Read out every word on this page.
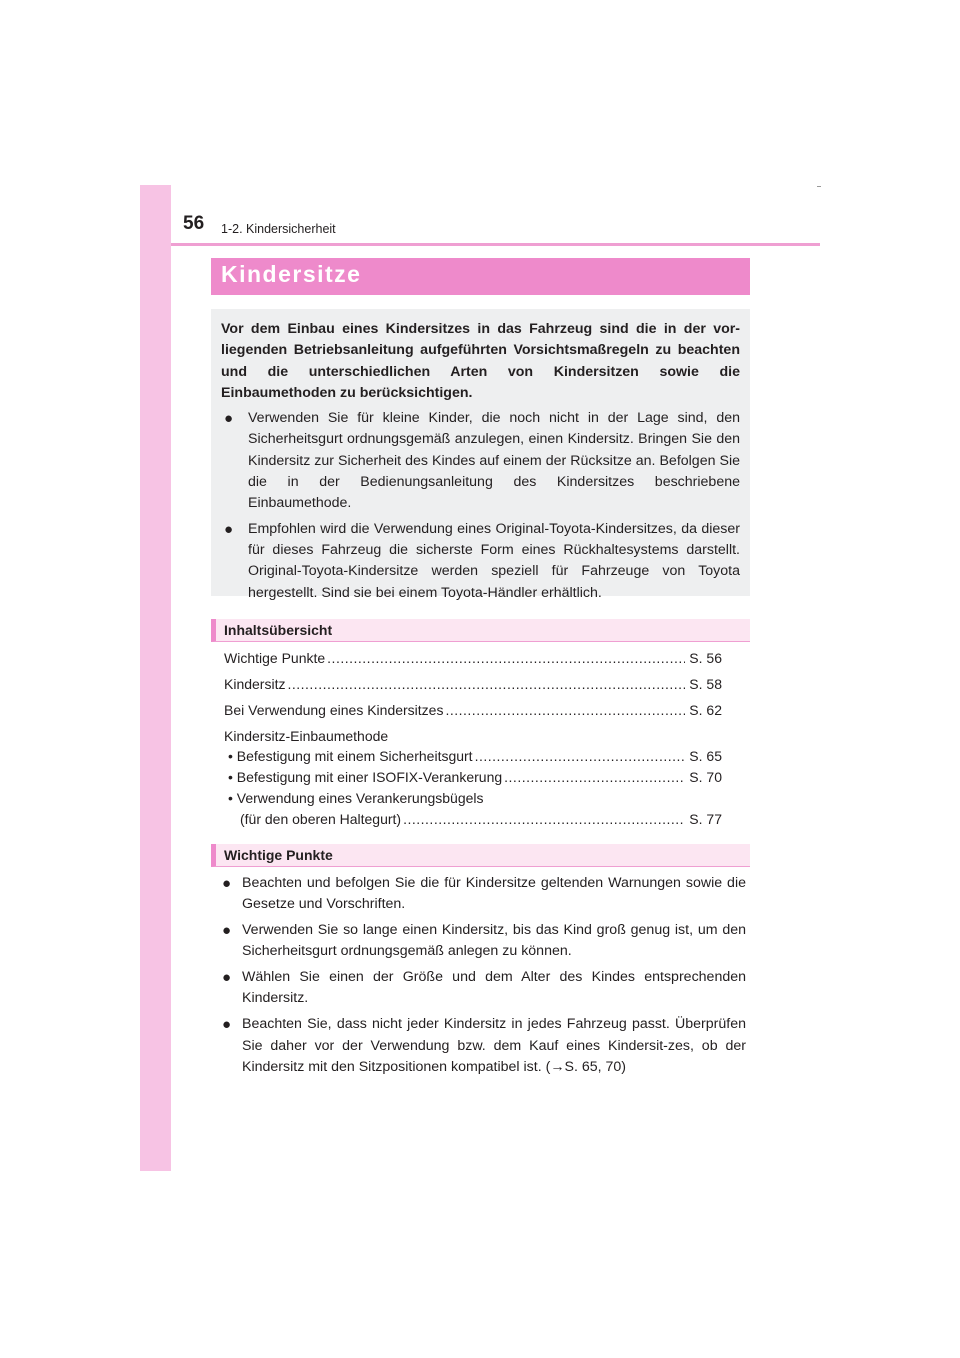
56 1-2. Kindersicherheit
Kindersitze

Vor dem Einbau eines Kindersitzes in das Fahrzeug sind die in der vor-liegenden Betriebsanleitung aufgeführten Vorsichtsmaßregeln zu beachten und die unterschiedlichen Arten von Kindersitzen sowie die Einbaumethoden zu berücksichtigen.

● Verwenden Sie für kleine Kinder, die noch nicht in der Lage sind, den Sicherheitsgurt ordnungsgemäß anzulegen, einen Kindersitz. Bringen Sie den Kindersitz zur Sicherheit des Kindes auf einem der Rücksitze an. Befolgen Sie die in der Bedienungsanleitung des Kindersitzes beschriebene Einbaumethode.
● Empfohlen wird die Verwendung eines Original-Toyota-Kindersitzes, da dieser für dieses Fahrzeug die sicherste Form eines Rückhaltesystems darstellt. Original-Toyota-Kindersitze werden speziell für Fahrzeuge von Toyota hergestellt. Sind sie bei einem Toyota-Händler erhältlich.
Inhaltsübersicht
Wichtige Punkte .....	S. 56
Kindersitz .....	S. 58
Bei Verwendung eines Kindersitzes .....	S. 62
Kindersitz-Einbaumethode
• Befestigung mit einem Sicherheitsgurt .....	S. 65
• Befestigung mit einer ISOFIX-Verankerung .....	S. 70
• Verwendung eines Verankerungsbügels
(für den oberen Haltegurt) .....	S. 77
Wichtige Punkte
● Beachten und befolgen Sie die für Kindersitze geltenden Warnungen sowie die Gesetze und Vorschriften.
● Verwenden Sie so lange einen Kindersitz, bis das Kind groß genug ist, um den Sicherheitsgurt ordnungsgemäß anlegen zu können.
● Wählen Sie einen der Größe und dem Alter des Kindes entsprechenden Kindersitz.
● Beachten Sie, dass nicht jeder Kindersitz in jedes Fahrzeug passt. Überprüfen Sie daher vor der Verwendung bzw. dem Kauf eines Kindersit-zes, ob der Kindersitz mit den Sitzpositionen kompatibel ist. (→S. 65, 70)
